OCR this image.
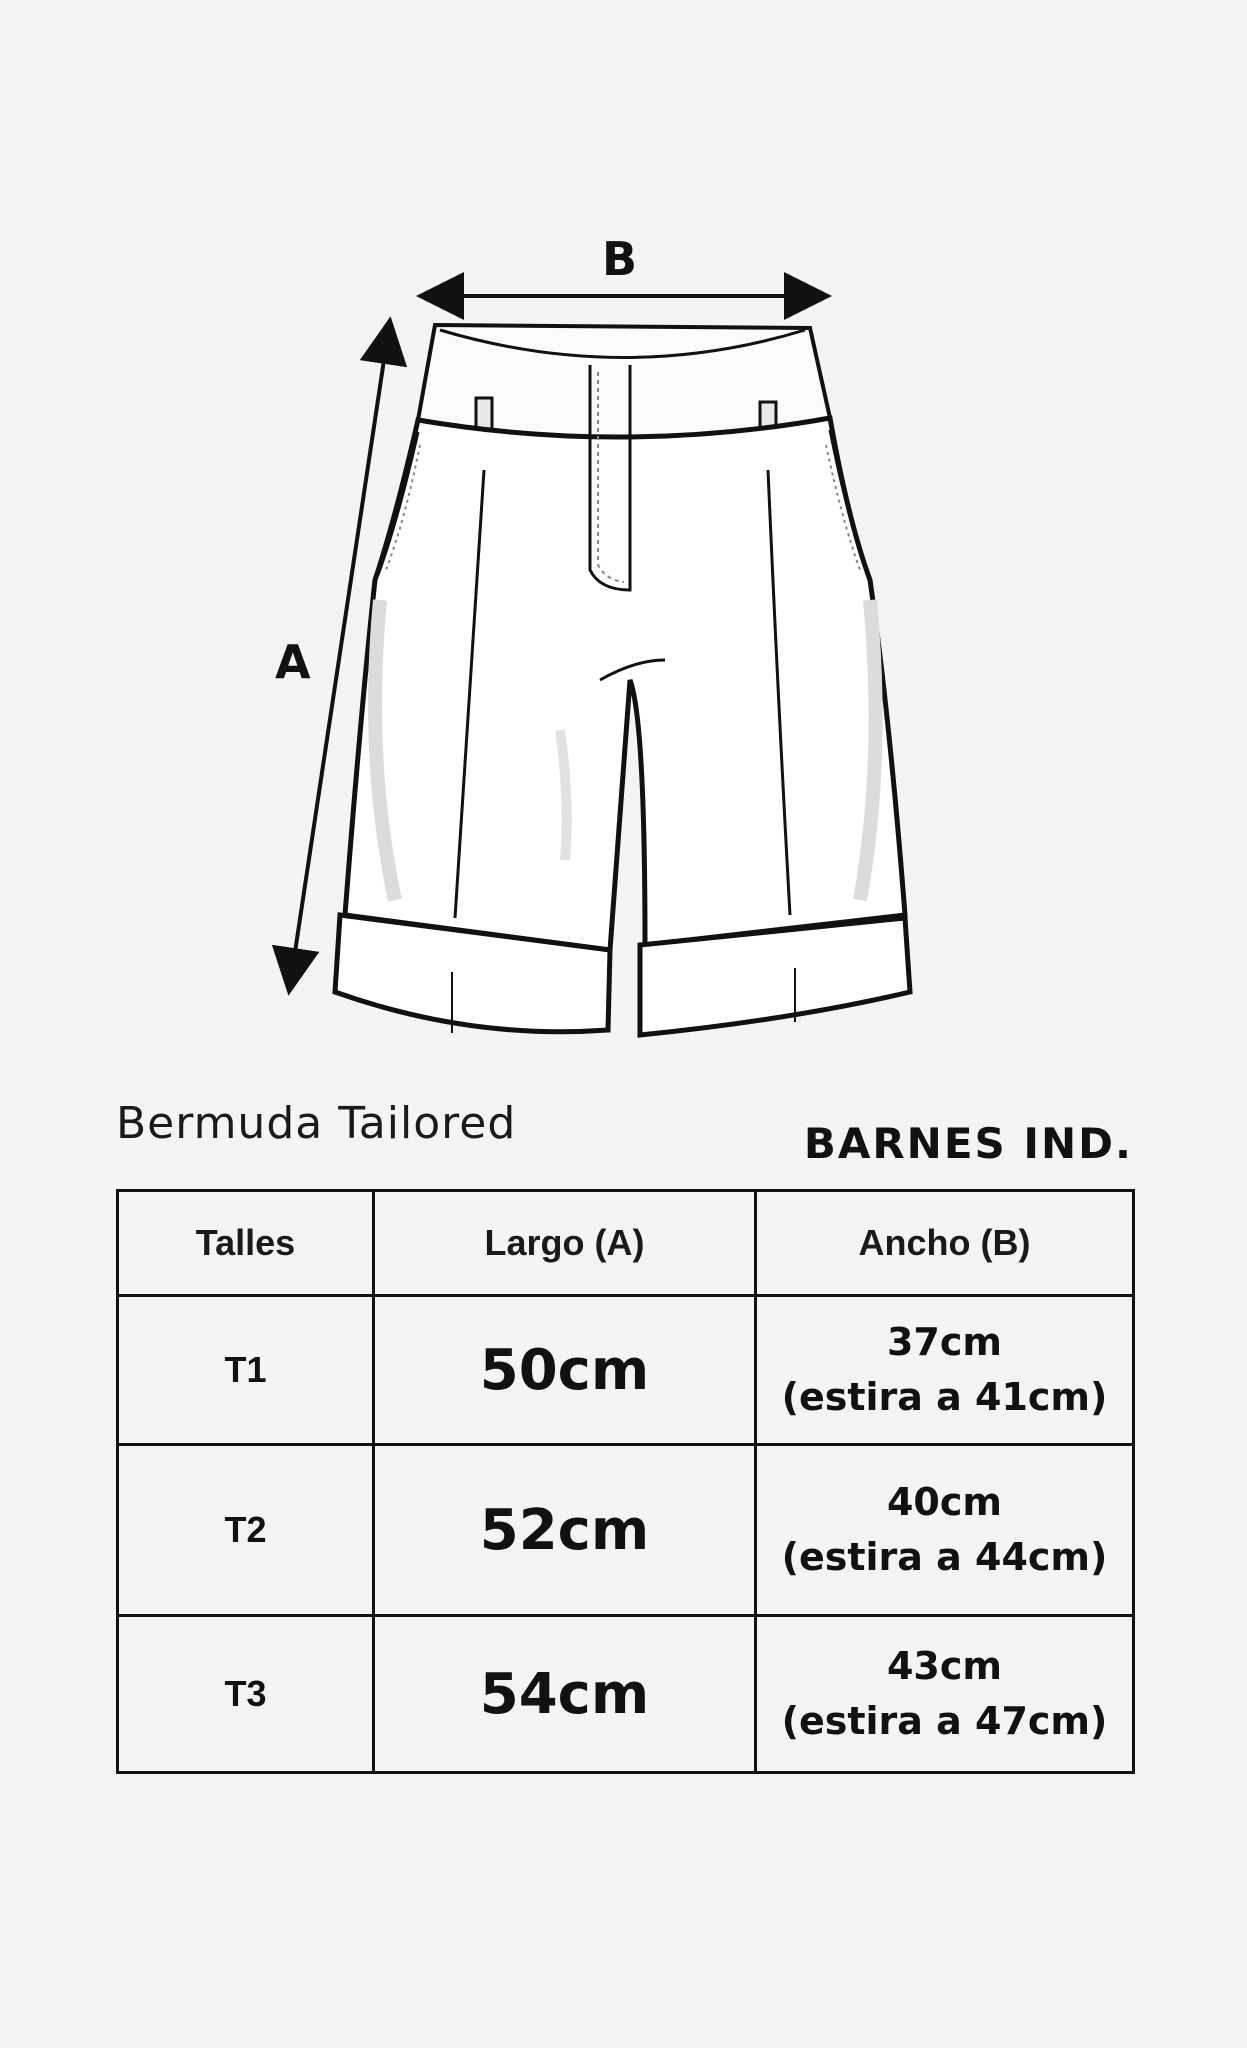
B
A
Bermuda Tailored	BARNES IND.
Talles	Largo (A)	Ancho (B)
T1	50cm	37cm
(estira a 41cm)

T2	52cm	40cm
(estira a 44cm)

T3	54cm	43cm
(estira a 47cm)
